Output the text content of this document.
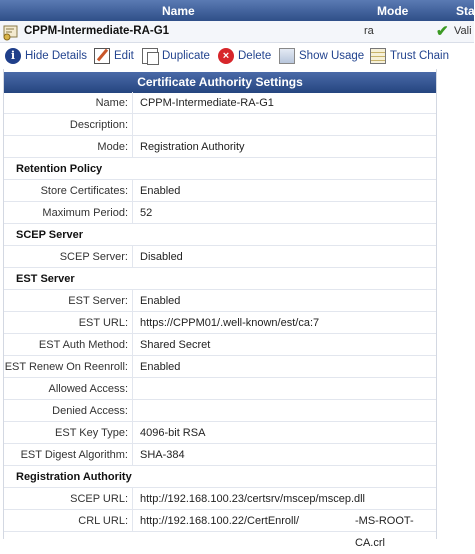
Name	Mode	Sta
CPPM-Intermediate-RA-G1	ra	✔ Vali
i Hide Details Edit Duplicate	× Delete Show Usage Trust Chain
Certificate Authority Settings
Name:	CPPM-Intermediate-RA-G1
Description:
Mode:	Registration Authority
Retention Policy
Store Certificates:	Enabled
Maximum Period:	52
SCEP Server
SCEP Server:	Disabled
EST Server
EST Server:	Enabled
EST URL:	https://CPPM01/.well-known/est/ca:7
EST Auth Method:	Shared Secret
EST Renew On Reenroll:	Enabled
Allowed Access:
Denied Access:
EST Key Type:	4096-bit RSA
EST Digest Algorithm:	SHA-384
Registration Authority
SCEP URL:	http://192.168.100.23/certsrv/mscep/mscep.dll
CRL URL:	http://192.168.100.22/CertEnroll/	-MS-ROOT-CA.crl
